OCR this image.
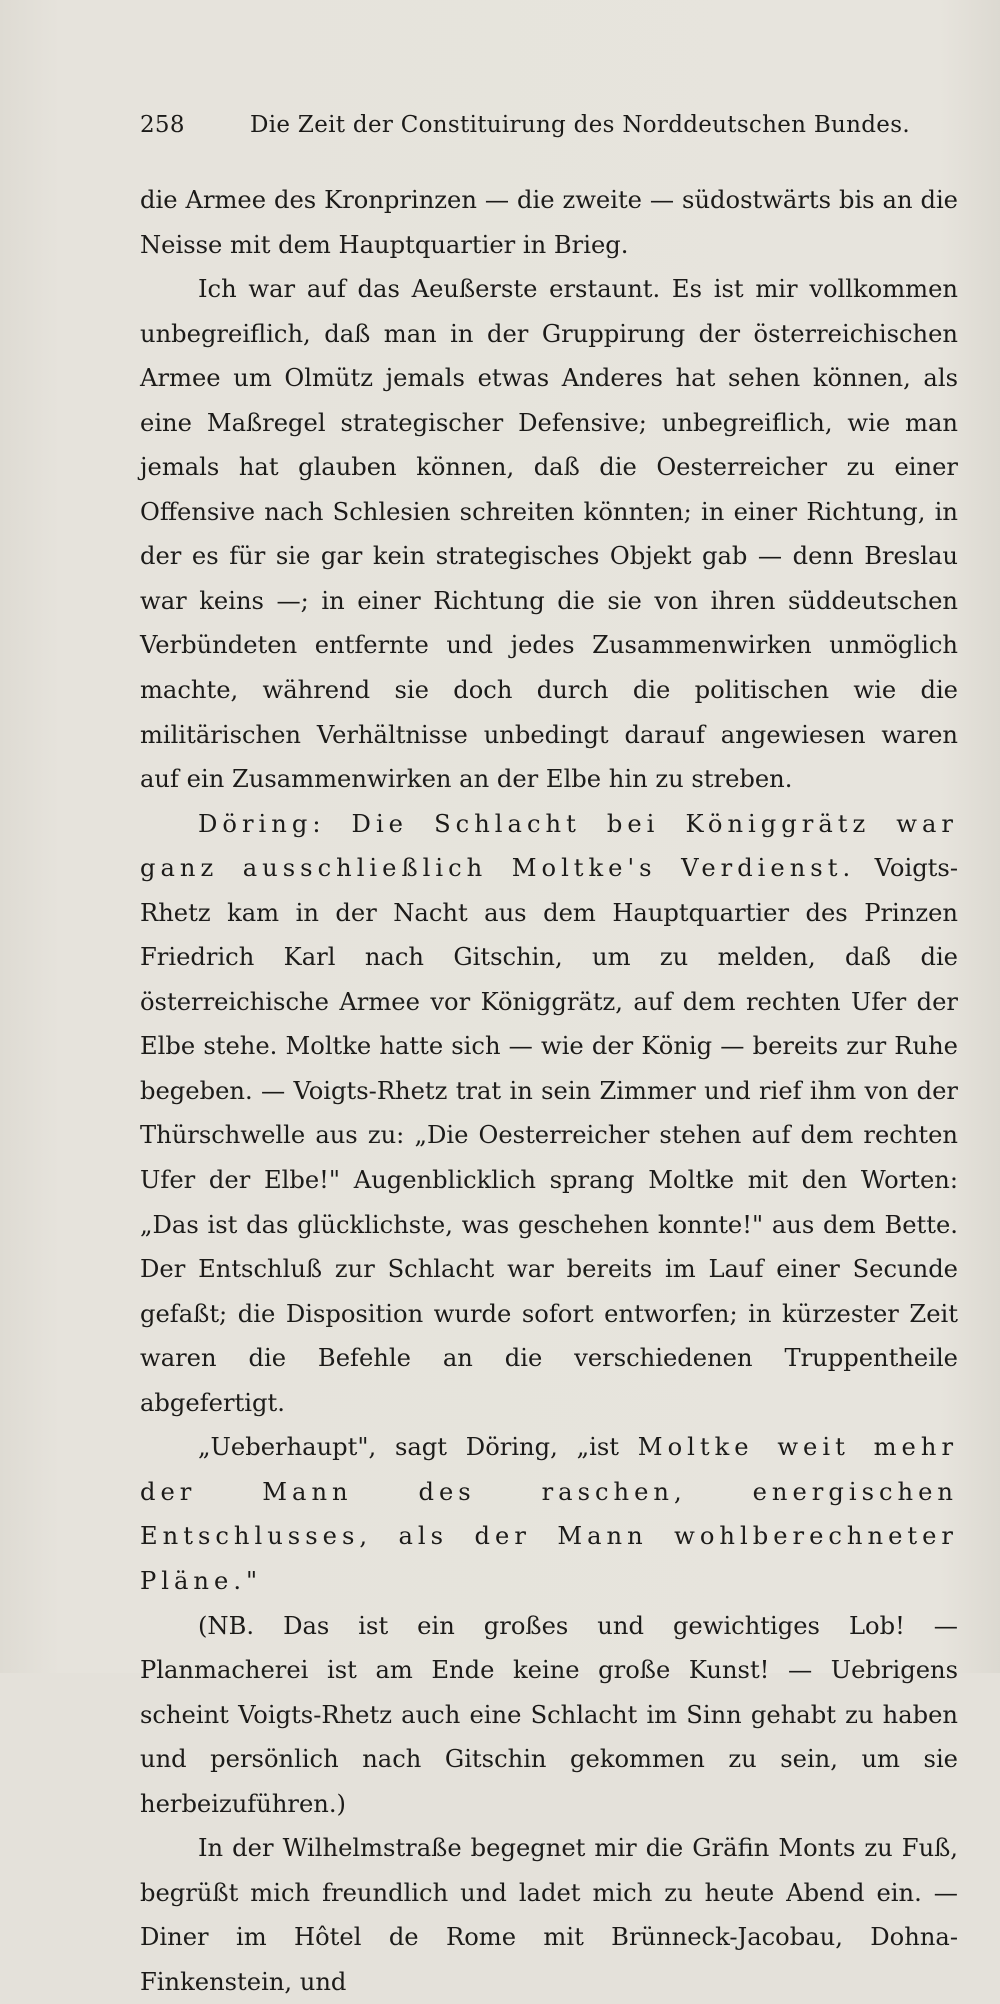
258	Die Zeit der Constituirung des Norddeutschen Bundes.

die Armee des Kronprinzen — die zweite — südostwärts bis an die Neisse mit dem Hauptquartier in Brieg.

Ich war auf das Aeußerste erstaunt. Es ist mir vollkommen unbegreiflich, daß man in der Gruppirung der österreichischen Armee um Olmütz jemals etwas Anderes hat sehen können, als eine Maßregel strategischer Defensive; unbegreiflich, wie man jemals hat glauben können, daß die Oesterreicher zu einer Offensive nach Schlesien schreiten könnten; in einer Richtung, in der es für sie gar kein strategisches Objekt gab — denn Breslau war keins —; in einer Richtung die sie von ihren süddeutschen Verbündeten entfernte und jedes Zusammenwirken unmöglich machte, während sie doch durch die politischen wie die militärischen Verhältnisse unbedingt darauf angewiesen waren auf ein Zusammenwirken an der Elbe hin zu streben.

Döring: Die Schlacht bei Königgrätz war ganz ausschließlich Moltke's Verdienst. Voigts-Rhetz kam in der Nacht aus dem Hauptquartier des Prinzen Friedrich Karl nach Gitschin, um zu melden, daß die österreichische Armee vor Königgrätz, auf dem rechten Ufer der Elbe stehe. Moltke hatte sich — wie der König — bereits zur Ruhe begeben. — Voigts-Rhetz trat in sein Zimmer und rief ihm von der Thürschwelle aus zu: „Die Oesterreicher stehen auf dem rechten Ufer der Elbe!" Augenblicklich sprang Moltke mit den Worten: „Das ist das glücklichste, was geschehen konnte!" aus dem Bette. Der Entschluß zur Schlacht war bereits im Lauf einer Secunde gefaßt; die Disposition wurde sofort entworfen; in kürzester Zeit waren die Befehle an die verschiedenen Truppentheile abgefertigt.

„Ueberhaupt", sagt Döring, „ist Moltke weit mehr der Mann des raschen, energischen Entschlusses, als der Mann wohlberechneter Pläne."

(NB. Das ist ein großes und gewichtiges Lob! — Planmacherei ist am Ende keine große Kunst! — Uebrigens scheint Voigts-Rhetz auch eine Schlacht im Sinn gehabt zu haben und persönlich nach Gitschin gekommen zu sein, um sie herbeizuführen.)

In der Wilhelmstraße begegnet mir die Gräfin Monts zu Fuß, begrüßt mich freundlich und ladet mich zu heute Abend ein. — Diner im Hôtel de Rome mit Brünneck-Jacobau, Dohna-Finkenstein, und
